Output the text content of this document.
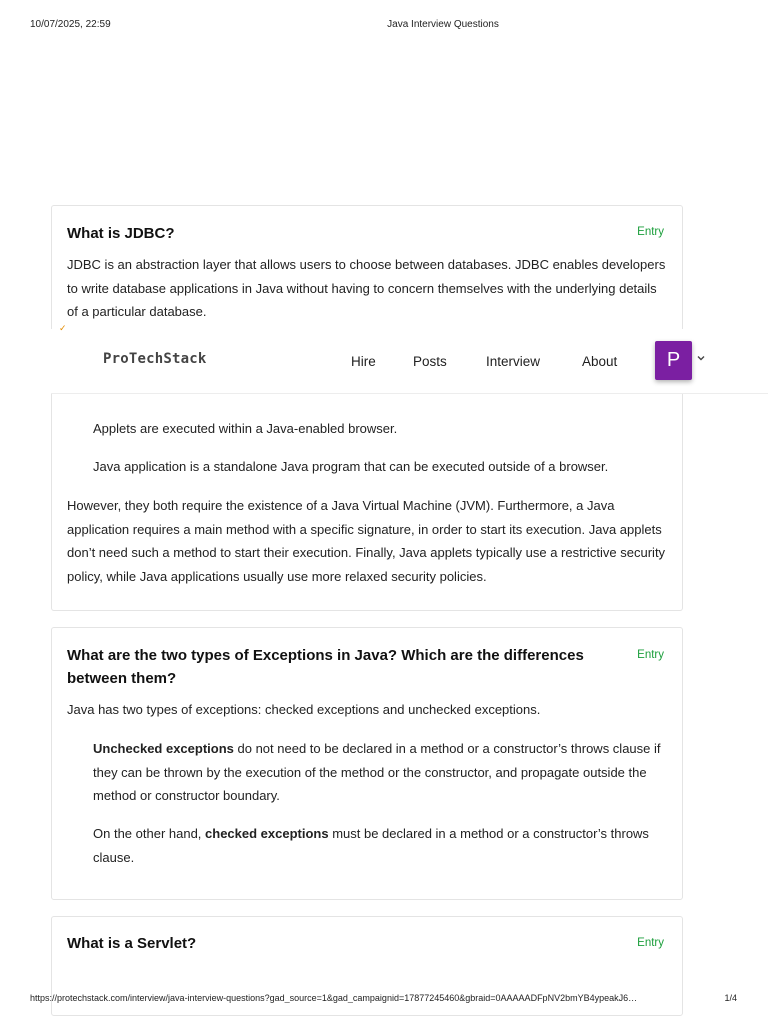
10/07/2025, 22:59	Java Interview Questions
What is JDBC?	Entry

JDBC is an abstraction layer that allows users to choose between databases. JDBC enables developers to write database applications in Java without having to concern themselves with the underlying details of a particular database.

Applets are executed within a Java-enabled browser.

Java application is a standalone Java program that can be executed outside of a browser.

However, they both require the existence of a Java Virtual Machine (JVM). Furthermore, a Java application requires a main method with a specific signature, in order to start its execution. Java applets don’t need such a method to start their execution. Finally, Java applets typically use a restrictive security policy, while Java applications usually use more relaxed security policies.

✓
ProTechStack	Hire	Posts	Interview	About	P
What are the two types of Exceptions in Java? Which are the differences between them?
Entry

Java has two types of exceptions: checked exceptions and unchecked exceptions.

Unchecked exceptions do not need to be declared in a method or a constructor’s throws clause if they can be thrown by the execution of the method or the constructor, and propagate outside the method or constructor boundary.

On the other hand, checked exceptions must be declared in a method or a constructor’s throws clause.

What is a Servlet?	Entry
https://protechstack.com/interview/java-interview-questions?gad_source=1&gad_campaignid=17877245460&gbraid=0AAAAADFpNV2bmYB4ypeakJ6…	1/4
